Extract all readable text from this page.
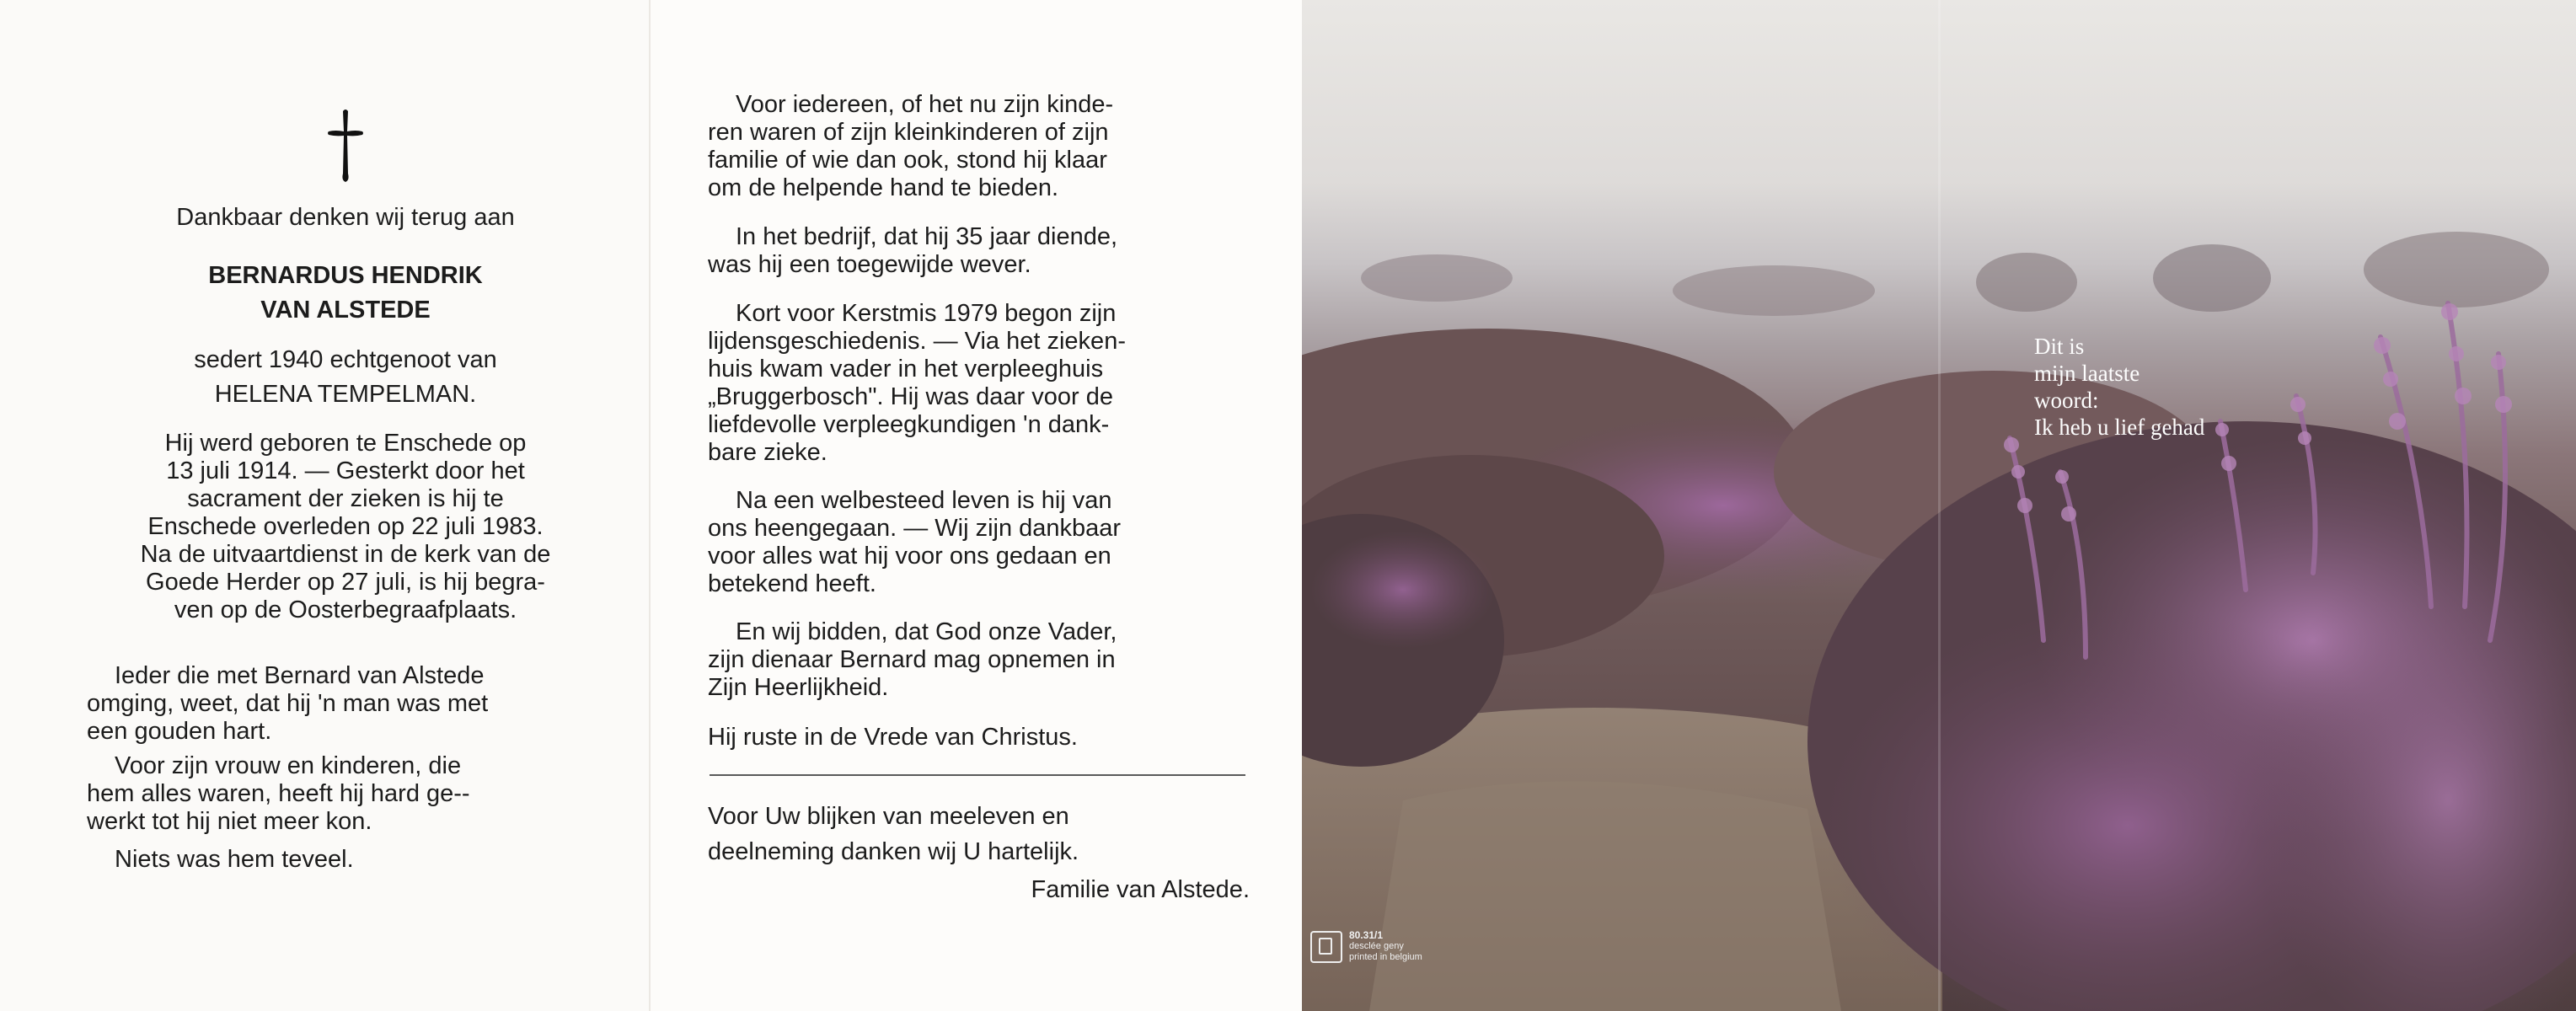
Dankbaar denken wij terug aan

BERNARDUS HENDRIK

VAN ALSTEDE

sedert 1940 echtgenoot van

HELENA TEMPELMAN.

Hij werd geboren te Enschede op

13 juli 1914. — Gesterkt door het

sacrament der zieken is hij te

Enschede overleden op 22 juli 1983.

Na de uitvaartdienst in de kerk van de

Goede Herder op 27 juli, is hij begra-

ven op de Oosterbegraafplaats.

Ieder die met Bernard van Alstede

omging, weet, dat hij 'n man was met

een gouden hart.

Voor zijn vrouw en kinderen, die

hem alles waren, heeft hij hard ge--

werkt tot hij niet meer kon.

Niets was hem teveel.

Voor iedereen, of het nu zijn kinde-

ren waren of zijn kleinkinderen of zijn

familie of wie dan ook, stond hij klaar

om de helpende hand te bieden.

In het bedrijf, dat hij 35 jaar diende,

was hij een toegewijde wever.

Kort voor Kerstmis 1979 begon zijn

lijdensgeschiedenis. — Via het zieken-

huis kwam vader in het verpleeghuis

„Bruggerbosch". Hij was daar voor de

liefdevolle verpleegkundigen 'n dank-

bare zieke.

Na een welbesteed leven is hij van

ons heengegaan. — Wij zijn dankbaar

voor alles wat hij voor ons gedaan en

betekend heeft.

En wij bidden, dat God onze Vader,

zijn dienaar Bernard mag opnemen in

Zijn Heerlijkheid.

Hij ruste in de Vrede van Christus.

Voor Uw blijken van meeleven en

deelneming danken wij U hartelijk.

Familie van Alstede.

Dit is

mijn laatste

woord:

Ik heb u lief gehad

80.31/1
desclée geny
printed in belgium
